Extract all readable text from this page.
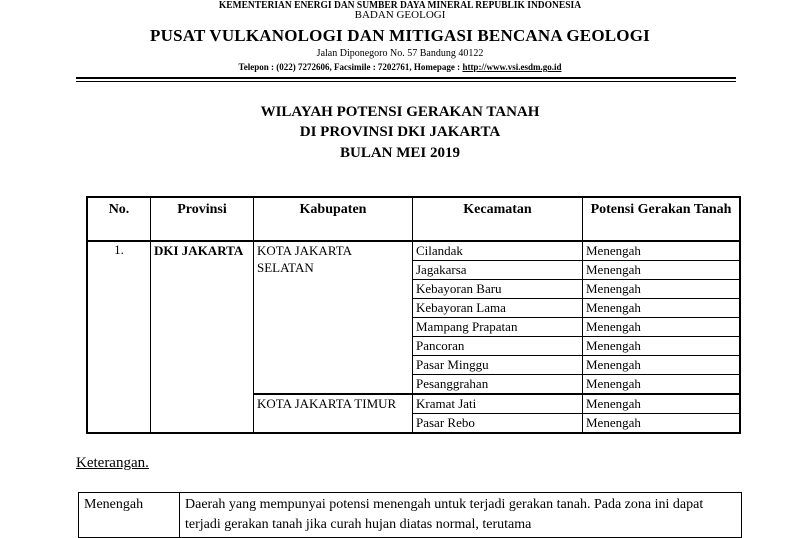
KEMENTERIAN ENERGI DAN SUMBER DAYA MINERAL REPUBLIK INDONESIA
BADAN GEOLOGI
PUSAT VULKANOLOGI DAN MITIGASI BENCANA GEOLOGI
Jalan Diponegoro No. 57 Bandung 40122
Telepon : (022) 7272606, Facsimile : 7202761, Homepage : http://www.vsi.esdm.go.id
WILAYAH POTENSI GERAKAN TANAH
DI PROVINSI DKI JAKARTA
BULAN MEI 2019
No.	Provinsi	Kabupaten	Kecamatan	Potensi Gerakan Tanah
1.	DKI JAKARTA	KOTA JAKARTA SELATAN	Cilandak	Menengah
			Jagakarsa	Menengah
			Kebayoran Baru	Menengah
			Kebayoran Lama	Menengah
			Mampang Prapatan	Menengah
			Pancoran	Menengah
			Pasar Minggu	Menengah
			Pesanggrahan	Menengah
		KOTA JAKARTA TIMUR	Kramat Jati	Menengah
			Pasar Rebo	Menengah
Keterangan.
Menengah	Daerah yang mempunyai potensi menengah untuk terjadi gerakan tanah. Pada zona ini dapat terjadi gerakan tanah jika curah hujan diatas normal, terutama
